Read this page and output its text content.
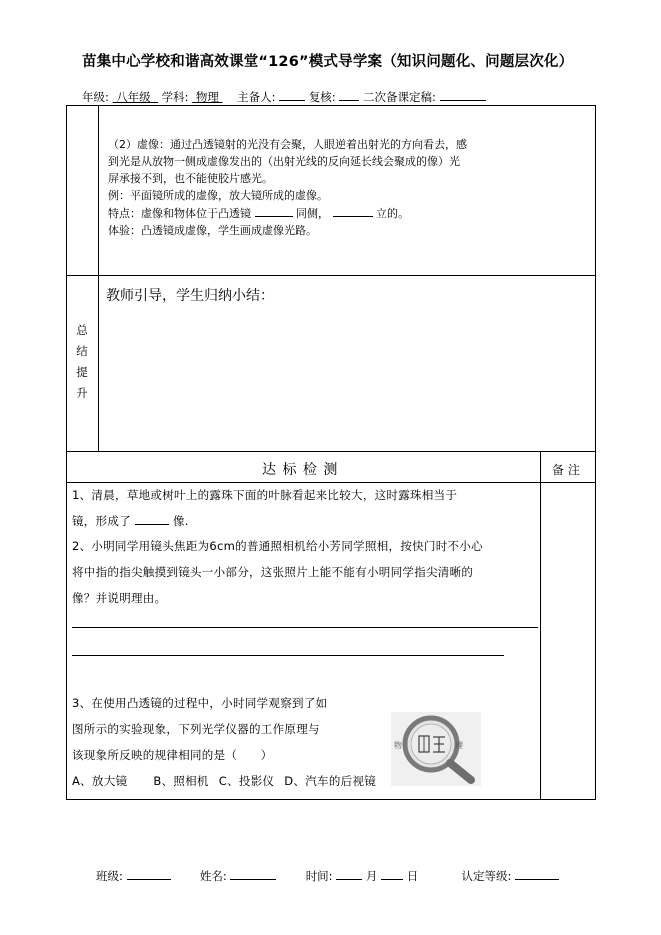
苗集中心学校和谐高效课堂“126”模式导学案（知识问题化、问题层次化）
年级: 八年级 学科: 物理 主备人:	复核: 二次备课定稿:
（2）虚像：通过凸透镜射的光没有会聚，人眼逆着出射光的方向看去，感
到光是从放物一侧成虚像发出的（出射光线的反向延长线会聚成的像）光
屏承接不到，也不能使胶片感光。
例：平面镜所成的虚像，放大镜所成的虚像。
特点：虚像和物体位于凸透镜	同侧，	立的。
体验：凸透镜成虚像，学生画成虚像光路。
总
结
提
升
教师引导，学生归纳小结：
达 标 检 测	备 注
1、清晨，草地或树叶上的露珠下面的叶脉看起来比较大，这时露珠相当于
镜，形成了	像.
2、小明同学用镜头焦距为6cm的普通照相机给小芳同学照相，按快门时不小心
将中指的指尖触摸到镜头一小部分，这张照片上能不能有小明同学指尖清晰的
像？并说明理由。
3、在使用凸透镜的过程中，小时同学观察到了如
图所示的实验现象，下列光学仪器的工作原理与
该现象所反映的规律相同的是（　　）
A、放大镜 B、照相机 C、投影仪 D、汽车的后视镜
物	理
班级:	姓名:	时间:	月	日	认定等级:
